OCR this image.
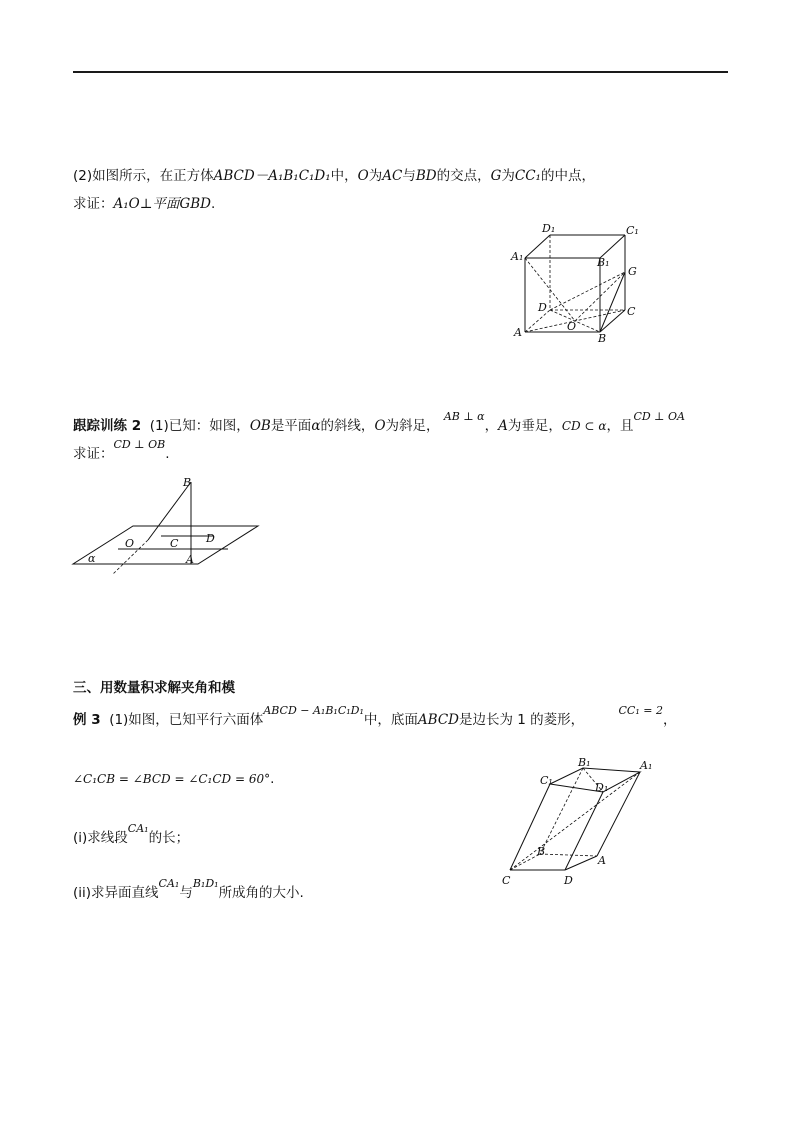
(2)如图所示，在正方体ABCD－A₁B₁C₁D₁中，O为AC与BD的交点，G为CC₁的中点，
求证：A₁O⊥平面GBD.
D₁	C₁
A₁	B₁
G
D	C
O
A	B
跟踪训练 2 (1)已知：如图，OB是平面α的斜线，O为斜足， $^{AB \perp \alpha}$，A为垂足，CD ⊂ α，且$^{CD \perp OA}$
求证：$^{CD \perp OB}$.
B
O	C	D
α	A
三、用数量积求解夹角和模
例 3 (1)如图，已知平行六面体$^{ABCD - A_1B_1C_1D_1}$中，底面ABCD是边长为 1 的菱形，        $^{CC_1 = 2}$，
∠C₁CB = ∠BCD = ∠C₁CD = 60°.
(i)求线段$^{CA_1}$的长；
(ii)求异面直线$^{CA_1}$与$^{B_1D_1}$所成角的大小.
C₁
B₁	A₁
D₁
B
C	D
A
